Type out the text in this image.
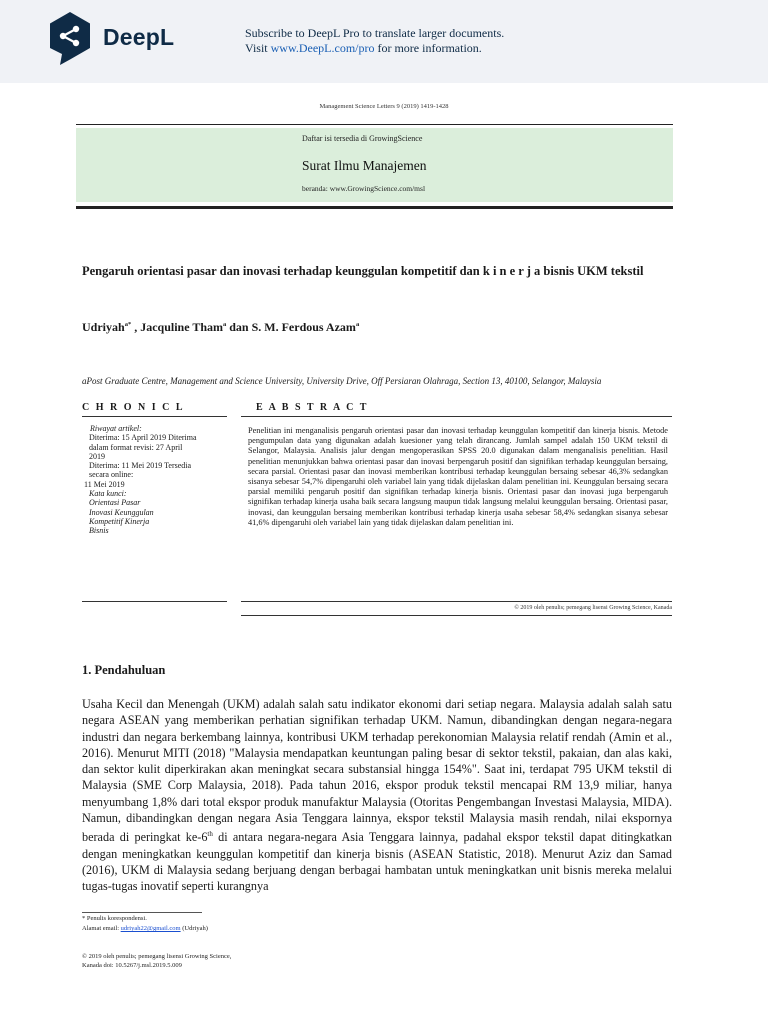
DeepL	Subscribe to DeepL Pro to translate larger documents.
Visit www.DeepL.com/pro for more information.
Management Science Letters 9 (2019) 1419-1428
Daftar isi tersedia di GrowingScience
Surat Ilmu Manajemen
beranda: www.GrowingScience.com/msl
Pengaruh orientasi pasar dan inovasi terhadap keunggulan kompetitif dan k i n e r j a bisnis UKM tekstil
Udriyah$^{a*}$ , Jacquline Tham$^a$ dan S. M. Ferdous Azam$^a$
aPost Graduate Centre, Management and Science University, University Drive, Off Persiaran Olahraga, Section 13, 40100, Selangor, Malaysia
C H R O N I C L	E A B S T R A C T
Riwayat artikel:
Diterima: 15 April 2019 Diterima
dalam format revisi: 27 April
2019
Diterima: 11 Mei 2019 Tersedia
secara online:
11 Mei 2019
Kata kunci:
Orientasi Pasar
Inovasi Keunggulan
Kompetitif Kinerja
Bisnis
Penelitian ini menganalisis pengaruh orientasi pasar dan inovasi terhadap keunggulan kompetitif dan kinerja bisnis. Metode pengumpulan data yang digunakan adalah kuesioner yang telah dirancang. Jumlah sampel adalah 150 UKM tekstil di Selangor, Malaysia. Analisis jalur dengan mengoperasikan SPSS 20.0 digunakan dalam menganalisis penelitian. Hasil penelitian menunjukkan bahwa orientasi pasar dan inovasi berpengaruh positif dan signifikan terhadap keunggulan bersaing, secara parsial. Orientasi pasar dan inovasi memberikan kontribusi terhadap keunggulan bersaing sebesar 46,3% sedangkan sisanya sebesar 54,7% dipengaruhi oleh variabel lain yang tidak dijelaskan dalam penelitian ini. Keunggulan bersaing secara parsial memiliki pengaruh positif dan signifikan terhadap kinerja bisnis. Orientasi pasar dan inovasi juga berpengaruh signifikan terhadap kinerja usaha baik secara langsung maupun tidak langsung melalui keunggulan bersaing. Orientasi pasar, inovasi, dan keunggulan bersaing memberikan kontribusi terhadap kinerja usaha sebesar 58,4% sedangkan sisanya sebesar 41,6% dipengaruhi oleh variabel lain yang tidak dijelaskan dalam penelitian ini.
© 2019 oleh penulis; pemegang lisensi Growing Science, Kanada
1. Pendahuluan
Usaha Kecil dan Menengah (UKM) adalah salah satu indikator ekonomi dari setiap negara. Malaysia adalah salah satu negara ASEAN yang memberikan perhatian signifikan terhadap UKM. Namun, dibandingkan dengan negara-negara industri dan negara berkembang lainnya, kontribusi UKM terhadap perekonomian Malaysia relatif rendah (Amin et al., 2016). Menurut MITI (2018) "Malaysia mendapatkan keuntungan paling besar di sektor tekstil, pakaian, dan alas kaki, dan sektor kulit diperkirakan akan meningkat secara substansial hingga 154%". Saat ini, terdapat 795 UKM tekstil di Malaysia (SME Corp Malaysia, 2018). Pada tahun 2016, ekspor produk tekstil mencapai RM 13,9 miliar, hanya menyumbang 1,8% dari total ekspor produk manufaktur Malaysia (Otoritas Pengembangan Investasi Malaysia, MIDA). Namun, dibandingkan dengan negara Asia Tenggara lainnya, ekspor tekstil Malaysia masih rendah, nilai ekspornya berada di peringkat ke-6th di antara negara-negara Asia Tenggara lainnya, padahal ekspor tekstil dapat ditingkatkan dengan meningkatkan keunggulan kompetitif dan kinerja bisnis (ASEAN Statistic, 2018). Menurut Aziz dan Samad (2016), UKM di Malaysia sedang berjuang dengan berbagai hambatan untuk meningkatkan unit bisnis mereka melalui tugas-tugas inovatif seperti kurangnya
* Penulis korespondensi.
Alamat email: udriyah22@gmail.com (Udriyah)
© 2019 oleh penulis; pemegang lisensi Growing Science,
Kanada doi: 10.5267/j.msl.2019.5.009
